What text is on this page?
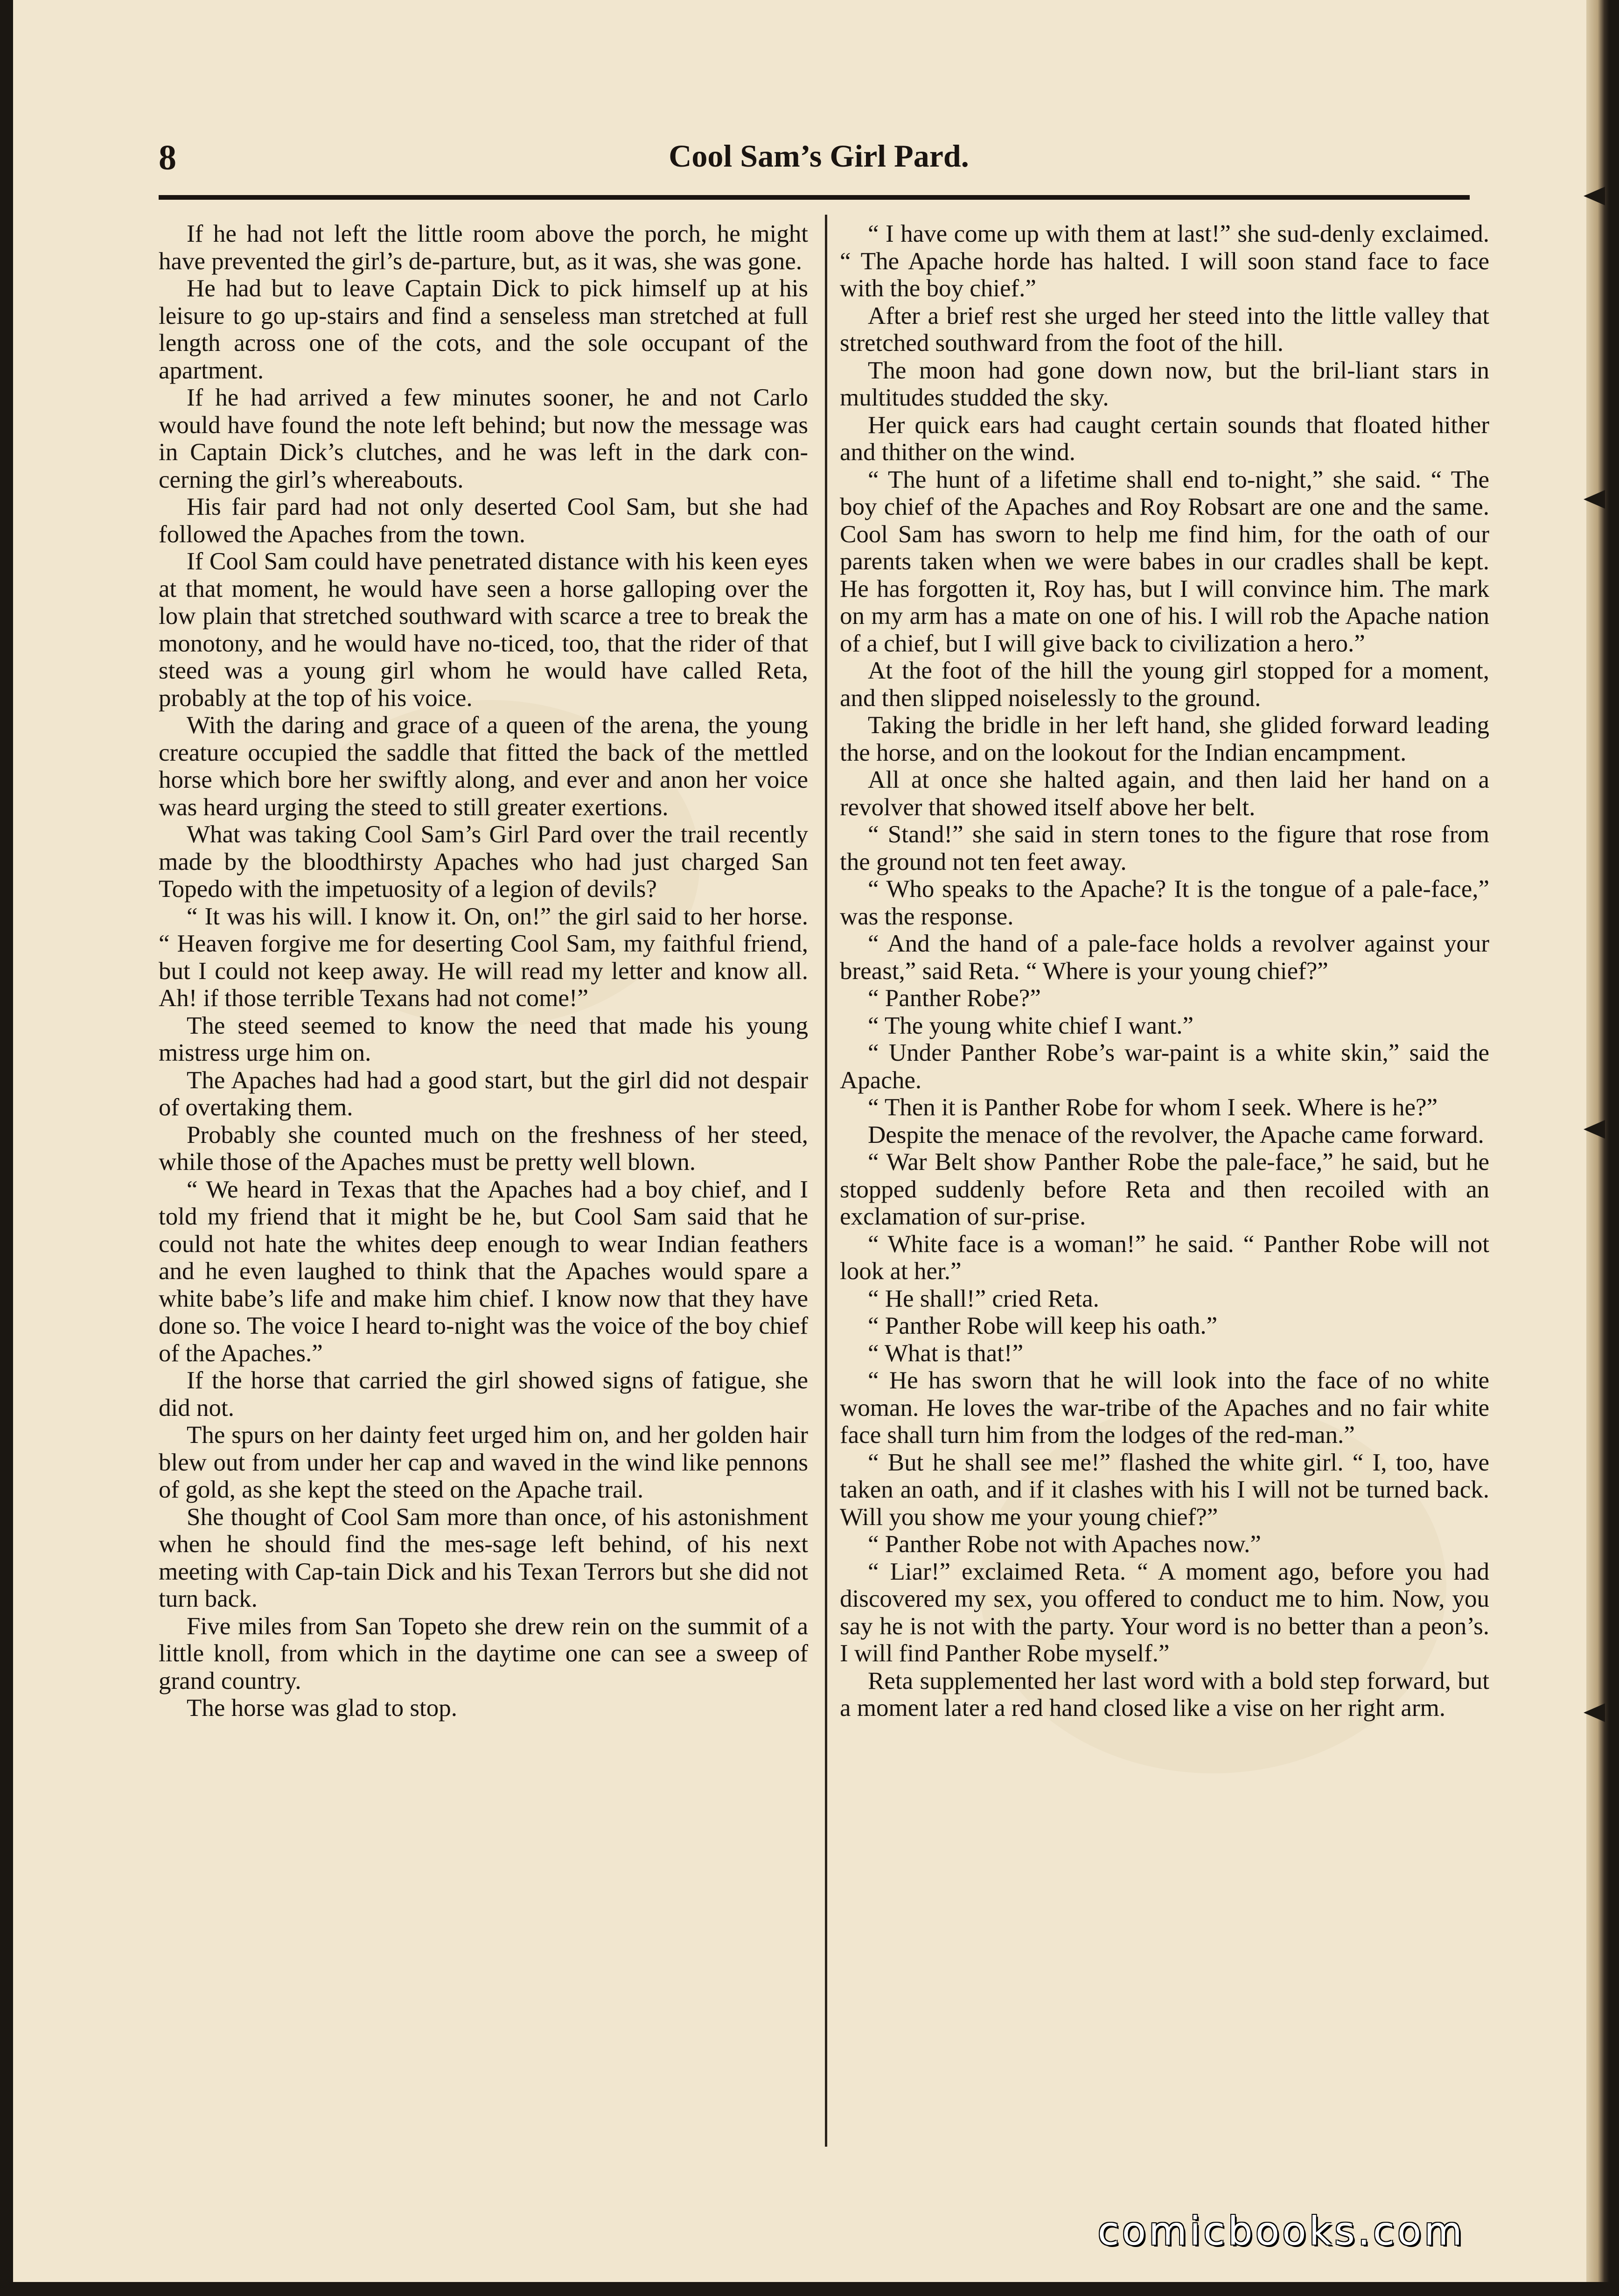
8	Cool Sam’s Girl Pard.

If he had not left the little room above the porch, he might have prevented the girl’s de-parture, but, as it was, she was gone.

He had but to leave Captain Dick to pick himself up at his leisure to go up-stairs and find a senseless man stretched at full length across one of the cots, and the sole occupant of the apartment.

If he had arrived a few minutes sooner, he and not Carlo would have found the note left behind; but now the message was in Captain Dick’s clutches, and he was left in the dark con-cerning the girl’s whereabouts.

His fair pard had not only deserted Cool Sam, but she had followed the Apaches from the town.

If Cool Sam could have penetrated distance with his keen eyes at that moment, he would have seen a horse galloping over the low plain that stretched southward with scarce a tree to break the monotony, and he would have no-ticed, too, that the rider of that steed was a young girl whom he would have called Reta, probably at the top of his voice.

With the daring and grace of a queen of the arena, the young creature occupied the saddle that fitted the back of the mettled horse which bore her swiftly along, and ever and anon her voice was heard urging the steed to still greater exertions.

What was taking Cool Sam’s Girl Pard over the trail recently made by the bloodthirsty Apaches who had just charged San Topedo with the impetuosity of a legion of devils?

“ It was his will. I know it. On, on!” the girl said to her horse. “ Heaven forgive me for deserting Cool Sam, my faithful friend, but I could not keep away. He will read my letter and know all. Ah! if those terrible Texans had not come!”

The steed seemed to know the need that made his young mistress urge him on.

The Apaches had had a good start, but the girl did not despair of overtaking them.

Probably she counted much on the freshness of her steed, while those of the Apaches must be pretty well blown.

“ We heard in Texas that the Apaches had a boy chief, and I told my friend that it might be he, but Cool Sam said that he could not hate the whites deep enough to wear Indian feathers and he even laughed to think that the Apaches would spare a white babe’s life and make him chief. I know now that they have done so. The voice I heard to-night was the voice of the boy chief of the Apaches.”

If the horse that carried the girl showed signs of fatigue, she did not.

The spurs on her dainty feet urged him on, and her golden hair blew out from under her cap and waved in the wind like pennons of gold, as she kept the steed on the Apache trail.

She thought of Cool Sam more than once, of his astonishment when he should find the mes-sage left behind, of his next meeting with Cap-tain Dick and his Texan Terrors but she did not turn back.

Five miles from San Topeto she drew rein on the summit of a little knoll, from which in the daytime one can see a sweep of grand country.

The horse was glad to stop.

“ I have come up with them at last!” she sud-denly exclaimed. “ The Apache horde has halted. I will soon stand face to face with the boy chief.”

After a brief rest she urged her steed into the little valley that stretched southward from the foot of the hill.

The moon had gone down now, but the bril-liant stars in multitudes studded the sky.

Her quick ears had caught certain sounds that floated hither and thither on the wind.

“ The hunt of a lifetime shall end to-night,” she said. “ The boy chief of the Apaches and Roy Robsart are one and the same. Cool Sam has sworn to help me find him, for the oath of our parents taken when we were babes in our cradles shall be kept. He has forgotten it, Roy has, but I will convince him. The mark on my arm has a mate on one of his. I will rob the Apache nation of a chief, but I will give back to civilization a hero.”

At the foot of the hill the young girl stopped for a moment, and then slipped noiselessly to the ground.

Taking the bridle in her left hand, she glided forward leading the horse, and on the lookout for the Indian encampment.

All at once she halted again, and then laid her hand on a revolver that showed itself above her belt.

“ Stand!” she said in stern tones to the figure that rose from the ground not ten feet away.

“ Who speaks to the Apache? It is the tongue of a pale-face,” was the response.

“ And the hand of a pale-face holds a revolver against your breast,” said Reta. “ Where is your young chief?”

“ Panther Robe?”

“ The young white chief I want.”

“ Under Panther Robe’s war-paint is a white skin,” said the Apache.

“ Then it is Panther Robe for whom I seek. Where is he?”

Despite the menace of the revolver, the Apache came forward.

“ War Belt show Panther Robe the pale-face,” he said, but he stopped suddenly before Reta and then recoiled with an exclamation of sur-prise.

“ White face is a woman!” he said. “ Panther Robe will not look at her.”

“ He shall!” cried Reta.

“ Panther Robe will keep his oath.”

“ What is that!”

“ He has sworn that he will look into the face of no white woman. He loves the war-tribe of the Apaches and no fair white face shall turn him from the lodges of the red-man.”

“ But he shall see me!” flashed the white girl. “ I, too, have taken an oath, and if it clashes with his I will not be turned back. Will you show me your young chief?”

“ Panther Robe not with Apaches now.”

“ Liar!” exclaimed Reta. “ A moment ago, before you had discovered my sex, you offered to conduct me to him. Now, you say he is not with the party. Your word is no better than a peon’s. I will find Panther Robe myself.”

Reta supplemented her last word with a bold step forward, but a moment later a red hand closed like a vise on her right arm.

comicbooks.com
